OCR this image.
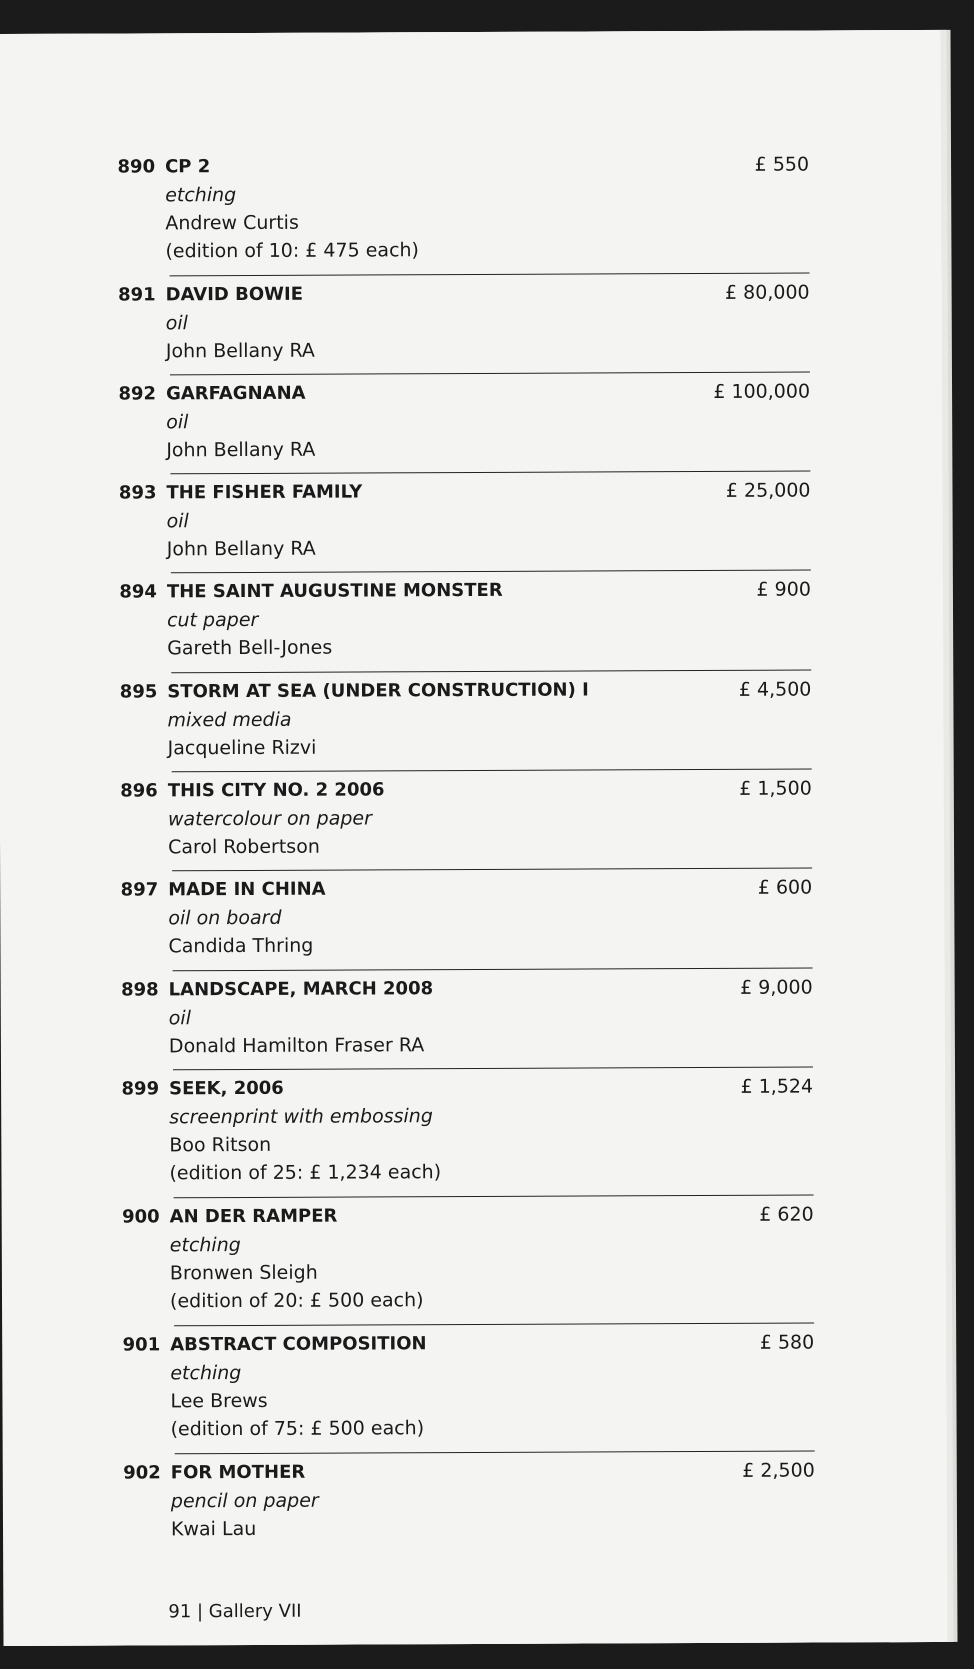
890 CP 2
etching
Andrew Curtis
(edition of 10: £ 475 each)
£ 550
891 DAVID BOWIE
oil
John Bellany RA
£ 80,000
892 GARFAGNANA
oil
John Bellany RA
£ 100,000
893 THE FISHER FAMILY
oil
John Bellany RA
£ 25,000
894 THE SAINT AUGUSTINE MONSTER
cut paper
Gareth Bell-Jones
£ 900
895 STORM AT SEA (UNDER CONSTRUCTION) I
mixed media
Jacqueline Rizvi
£ 4,500
896 THIS CITY NO. 2 2006
watercolour on paper
Carol Robertson
£ 1,500
897 MADE IN CHINA
oil on board
Candida Thring
£ 600
898 LANDSCAPE, MARCH 2008
oil
Donald Hamilton Fraser RA
£ 9,000
899 SEEK, 2006
screenprint with embossing
Boo Ritson
(edition of 25: £ 1,234 each)
£ 1,524
900 AN DER RAMPER
etching
Bronwen Sleigh
(edition of 20: £ 500 each)
£ 620
901 ABSTRACT COMPOSITION
etching
Lee Brews
(edition of 75: £ 500 each)
£ 580
902 FOR MOTHER
pencil on paper
Kwai Lau
£ 2,500
91 | Gallery VII
